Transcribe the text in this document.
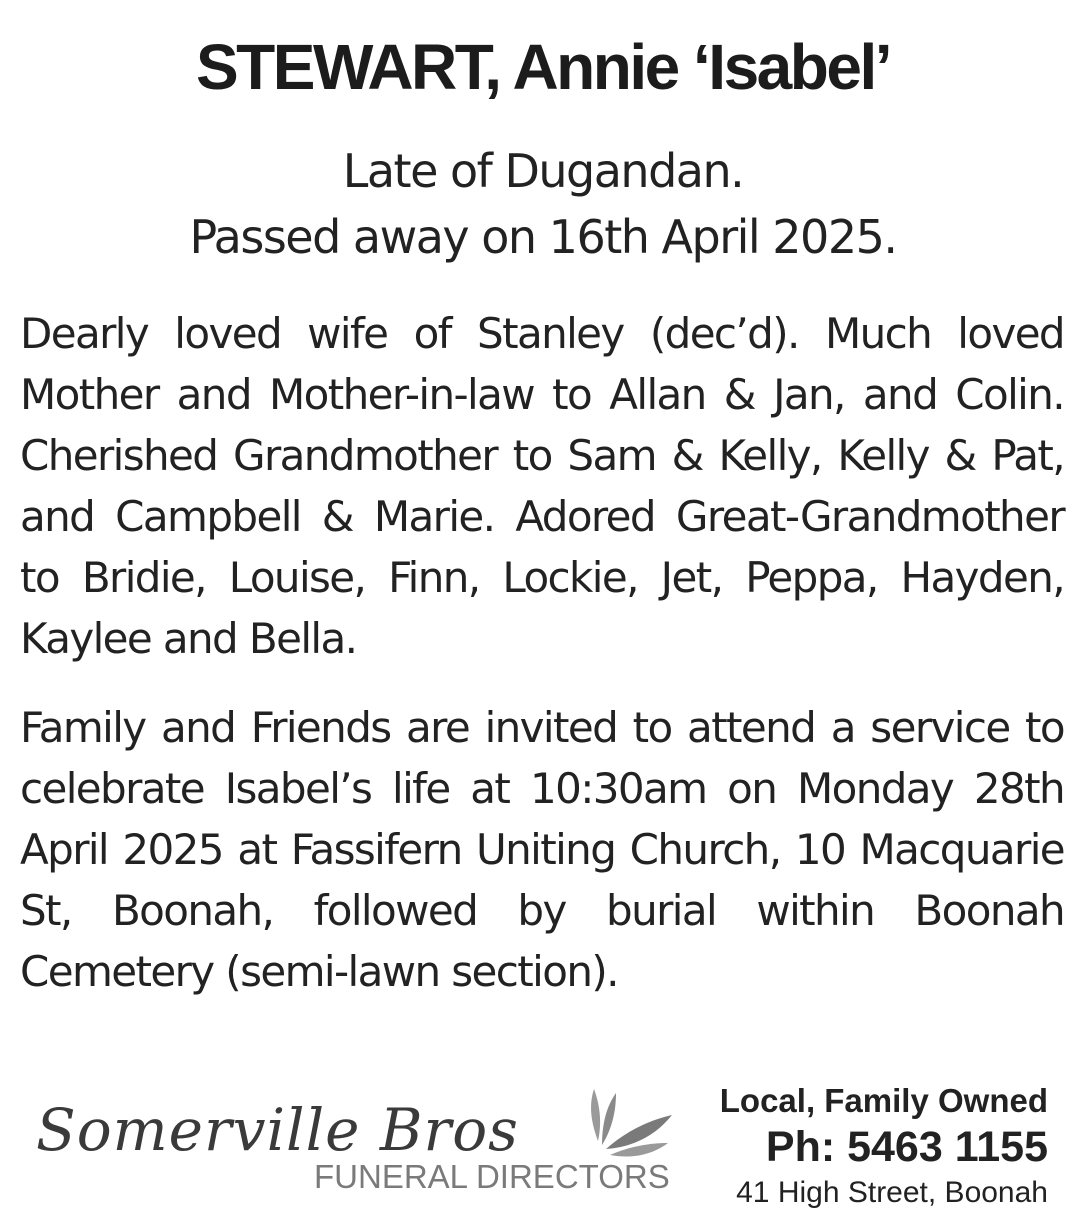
STEWART, Annie ‘Isabel’
Late of Dugandan.
Passed away on 16th April 2025.

Dearly loved wife of Stanley (dec’d). Much loved Mother and Mother-in-law to Allan & Jan, and Colin. Cherished Grandmother to Sam & Kelly, Kelly & Pat, and Campbell & Marie. Adored Great-Grandmother to Bridie, Louise, Finn, Lockie, Jet, Peppa, Hayden, Kaylee and Bella.

Family and Friends are invited to attend a service to celebrate Isabel’s life at 10:30am on Monday 28th April 2025 at Fassifern Uniting Church, 10 Macquarie St, Boonah, followed by burial within Boonah Cemetery (semi-lawn section).

Somerville Bros
FUNERAL DIRECTORS
Local, Family Owned
Ph: 5463 1155
41 High Street, Boonah
